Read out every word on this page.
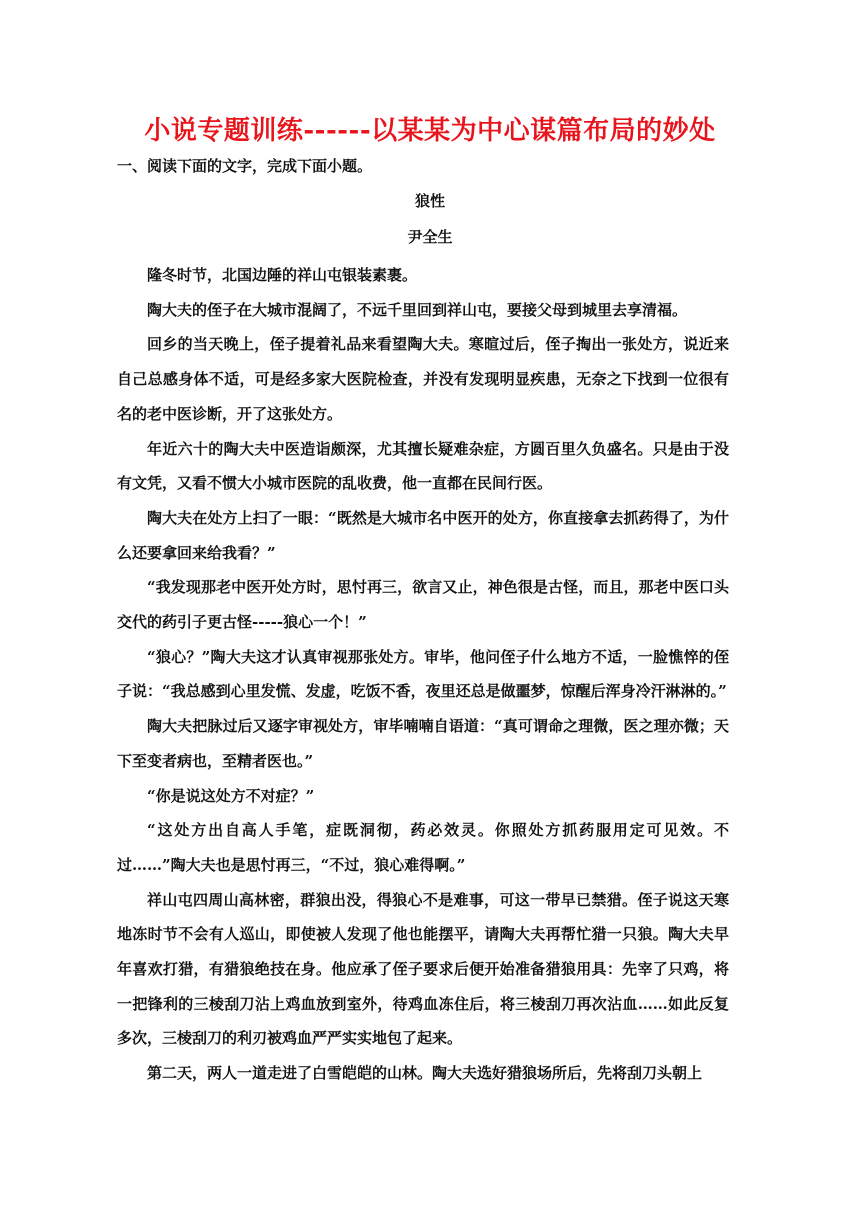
小说专题训练------以某某为中心谋篇布局的妙处
一、阅读下面的文字，完成下面小题。
狼性
尹全生

隆冬时节，北国边陲的祥山屯银装素裹。

陶大夫的侄子在大城市混阔了，不远千里回到祥山屯，要接父母到城里去享清福。

回乡的当天晚上，侄子提着礼品来看望陶大夫。寒暄过后，侄子掏出一张处方，说近来自己总感身体不适，可是经多家大医院检查，并没有发现明显疾患，无奈之下找到一位很有名的老中医诊断，开了这张处方。

年近六十的陶大夫中医造诣颇深，尤其擅长疑难杂症，方圆百里久负盛名。只是由于没有文凭，又看不惯大小城市医院的乱收费，他一直都在民间行医。

陶大夫在处方上扫了一眼：“既然是大城市名中医开的处方，你直接拿去抓药得了，为什么还要拿回来给我看？”

“我发现那老中医开处方时，思忖再三，欲言又止，神色很是古怪，而且，那老中医口头交代的药引子更古怪-----狼心一个！”

“狼心？”陶大夫这才认真审视那张处方。审毕，他问侄子什么地方不适，一脸憔悴的侄子说：“我总感到心里发慌、发虚，吃饭不香，夜里还总是做噩梦，惊醒后浑身冷汗淋淋的。”

陶大夫把脉过后又逐字审视处方，审毕喃喃自语道：“真可谓命之理微，医之理亦微；天下至变者病也，至精者医也。”

“你是说这处方不对症？”

“这处方出自高人手笔，症既洞彻，药必效灵。你照处方抓药服用定可见效。不过……”陶大夫也是思忖再三，“不过，狼心难得啊。”

祥山屯四周山高林密，群狼出没，得狼心不是难事，可这一带早已禁猎。侄子说这天寒地冻时节不会有人巡山，即使被人发现了他也能摆平，请陶大夫再帮忙猎一只狼。陶大夫早年喜欢打猎，有猎狼绝技在身。他应承了侄子要求后便开始准备猎狼用具：先宰了只鸡，将一把锋利的三棱刮刀沾上鸡血放到室外，待鸡血冻住后，将三棱刮刀再次沾血……如此反复多次，三棱刮刀的利刃被鸡血严严实实地包了起来。

第二天，两人一道走进了白雪皑皑的山林。陶大夫选好猎狼场所后，先将刮刀头朝上
